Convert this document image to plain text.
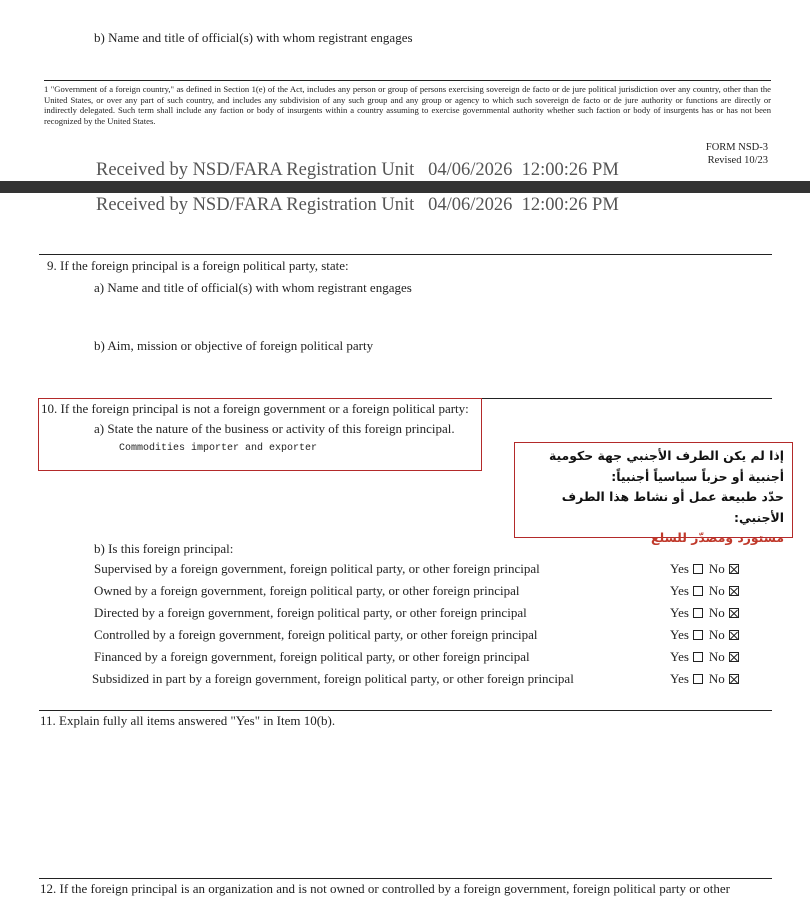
b) Name and title of official(s) with whom registrant engages
1 "Government of a foreign country," as defined in Section 1(e) of the Act, includes any person or group of persons exercising sovereign de facto or de jure political jurisdiction over any country, other than the United States, or over any part of such country, and includes any subdivision of any such group and any group or agency to which such sovereign de facto or de jure authority or functions are directly or indirectly delegated. Such term shall include any faction or body of insurgents within a country assuming to exercise governmental authority whether such faction or body of insurgents has or has not been recognized by the United States.
FORM NSD-3
Revised 10/23
Received by NSD/FARA Registration Unit 04/06/2026 12:00:26 PM
Received by NSD/FARA Registration Unit 04/06/2026 12:00:26 PM
9. If the foreign principal is a foreign political party, state:
a) Name and title of official(s) with whom registrant engages
b) Aim, mission or objective of foreign political party
10. If the foreign principal is not a foreign government or a foreign political party:
a) State the nature of the business or activity of this foreign principal.
Commodities importer and exporter	إذا لم يكن الطرف الأجنبي جهة حكومية
أجنبية أو حزباً سياسياً أجنبياً:
حدّد طبيعة عمل أو نشاط هذا الطرف الأجنبي:
مستورد ومصدّر للسلع
b) Is this foreign principal:
Supervised by a foreign government, foreign political party, or other foreign principal	Yes No
Owned by a foreign government, foreign political party, or other foreign principal	Yes No
Directed by a foreign government, foreign political party, or other foreign principal	Yes No
Controlled by a foreign government, foreign political party, or other foreign principal	Yes No
Financed by a foreign government, foreign political party, or other foreign principal	Yes No
Subsidized in part by a foreign government, foreign political party, or other foreign principal	Yes No
11. Explain fully all items answered "Yes" in Item 10(b).
12. If the foreign principal is an organization and is not owned or controlled by a foreign government, foreign political party or other
